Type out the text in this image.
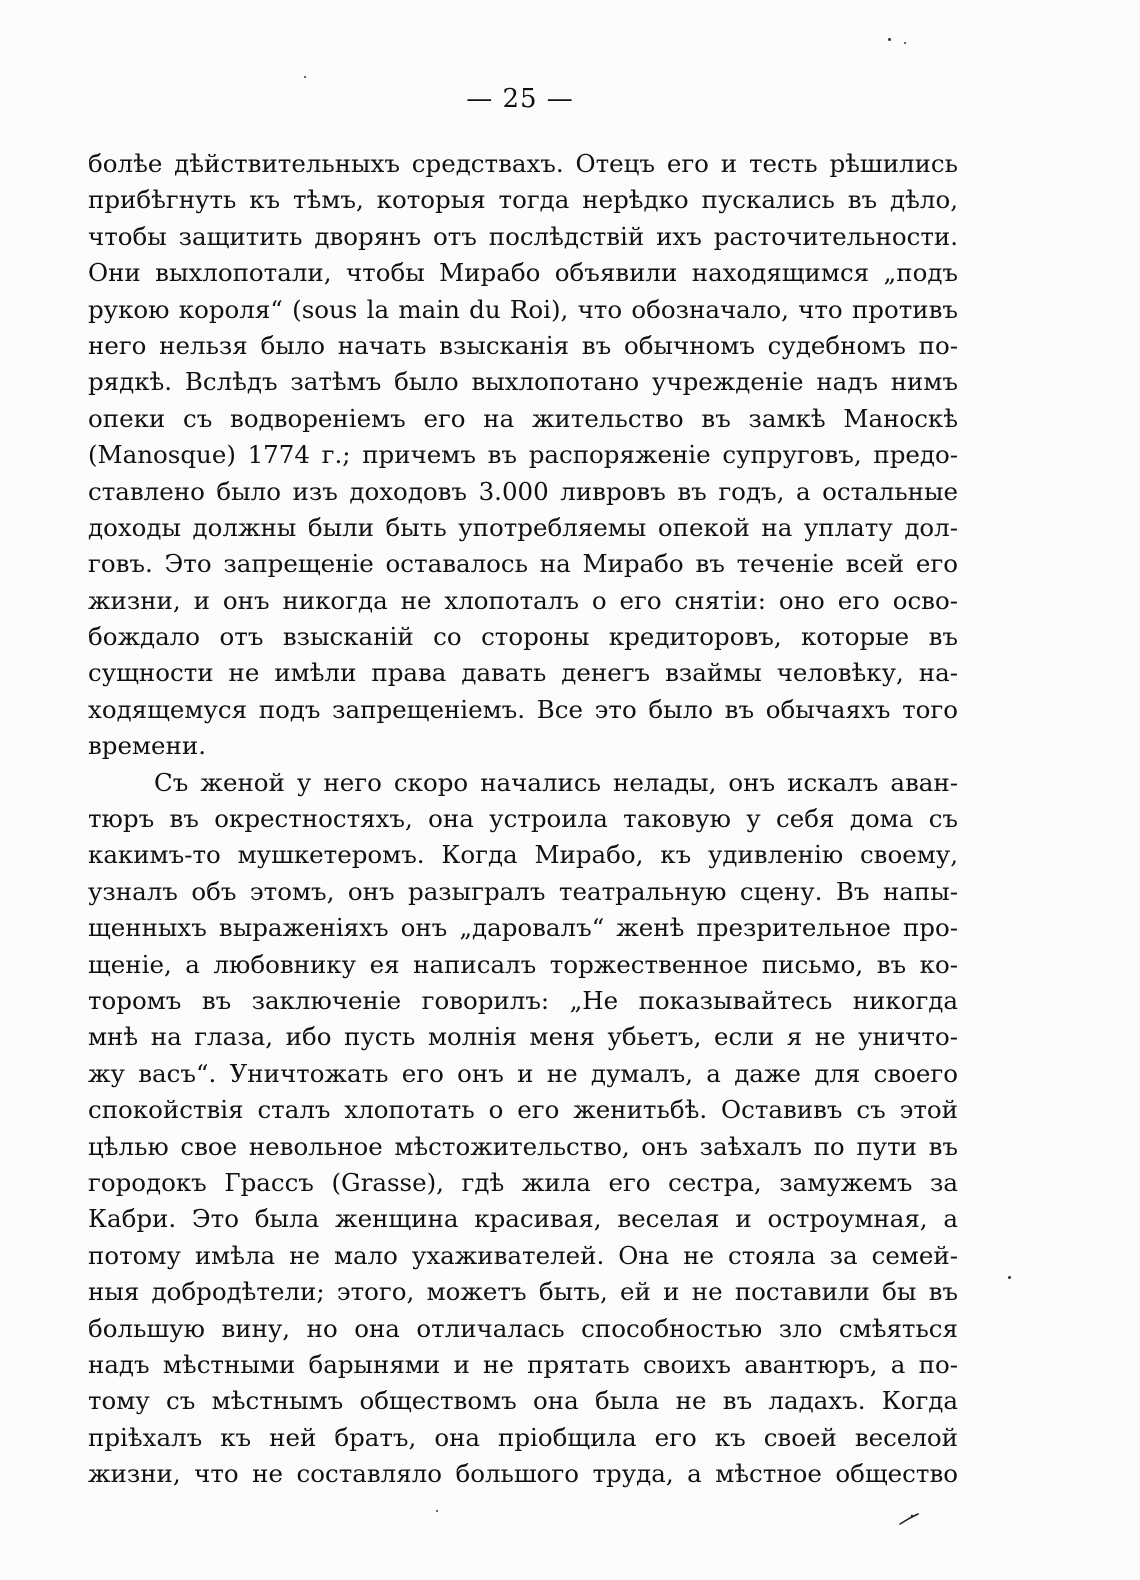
— 25 —
болѣе дѣйствительныхъ средствахъ. Отецъ его и тесть рѣшились
прибѣгнуть къ тѣмъ, которыя тогда нерѣдко пускались въ дѣло,
чтобы защитить дворянъ отъ послѣдствій ихъ расточительности.
Они выхлопотали, чтобы Мирабо объявили находящимся „подъ
рукою короля“ (sous la main du Roi), что обозначало, что противъ
него нельзя было начать взысканія въ обычномъ судебномъ по-
рядкѣ. Вслѣдъ затѣмъ было выхлопотано учрежденіе надъ нимъ
опеки съ водвореніемъ его на жительство въ замкѣ Маноскѣ
(Manosque) 1774 г.; причемъ въ распоряженіе супруговъ, предо-
ставлено было изъ доходовъ 3.000 ливровъ въ годъ, а остальные
доходы должны были быть употребляемы опекой на уплату дол-
говъ. Это запрещеніе оставалось на Мирабо въ теченіе всей его
жизни, и онъ никогда не хлопоталъ о его снятіи: оно его осво-
бождало отъ взысканій со стороны кредиторовъ, которые въ
сущности не имѣли права давать денегъ взаймы человѣку, на-
ходящемуся подъ запрещеніемъ. Все это было въ обычаяхъ того
времени.
Съ женой у него скоро начались нелады, онъ искалъ аван-
тюръ въ окрестностяхъ, она устроила таковую у себя дома съ
какимъ-то мушкетеромъ. Когда Мирабо, къ удивленію своему,
узналъ объ этомъ, онъ разыгралъ театральную сцену. Въ напы-
щенныхъ выраженіяхъ онъ „даровалъ“ женѣ презрительное про-
щеніе, а любовнику ея написалъ торжественное письмо, въ ко-
торомъ въ заключеніе говорилъ: „Не показывайтесь никогда
мнѣ на глаза, ибо пусть молнія меня убьетъ, если я не уничто-
жу васъ“. Уничтожать его онъ и не думалъ, а даже для своего
спокойствія сталъ хлопотать о его женитьбѣ. Оставивъ съ этой
цѣлью свое невольное мѣстожительство, онъ заѣхалъ по пути въ
городокъ Грассъ (Grasse), гдѣ жила его сестра, замужемъ за
Кабри. Это была женщина красивая, веселая и остроумная, а
потому имѣла не мало ухаживателей. Она не стояла за семей-
ныя добродѣтели; этого, можетъ быть, ей и не поставили бы въ
большую вину, но она отличалась способностью зло смѣяться
надъ мѣстными барынями и не прятать своихъ авантюръ, а по-
тому съ мѣстнымъ обществомъ она была не въ ладахъ. Когда
пріѣхалъ къ ней братъ, она пріобщила его къ своей веселой
жизни, что не составляло большого труда, а мѣстное общество
